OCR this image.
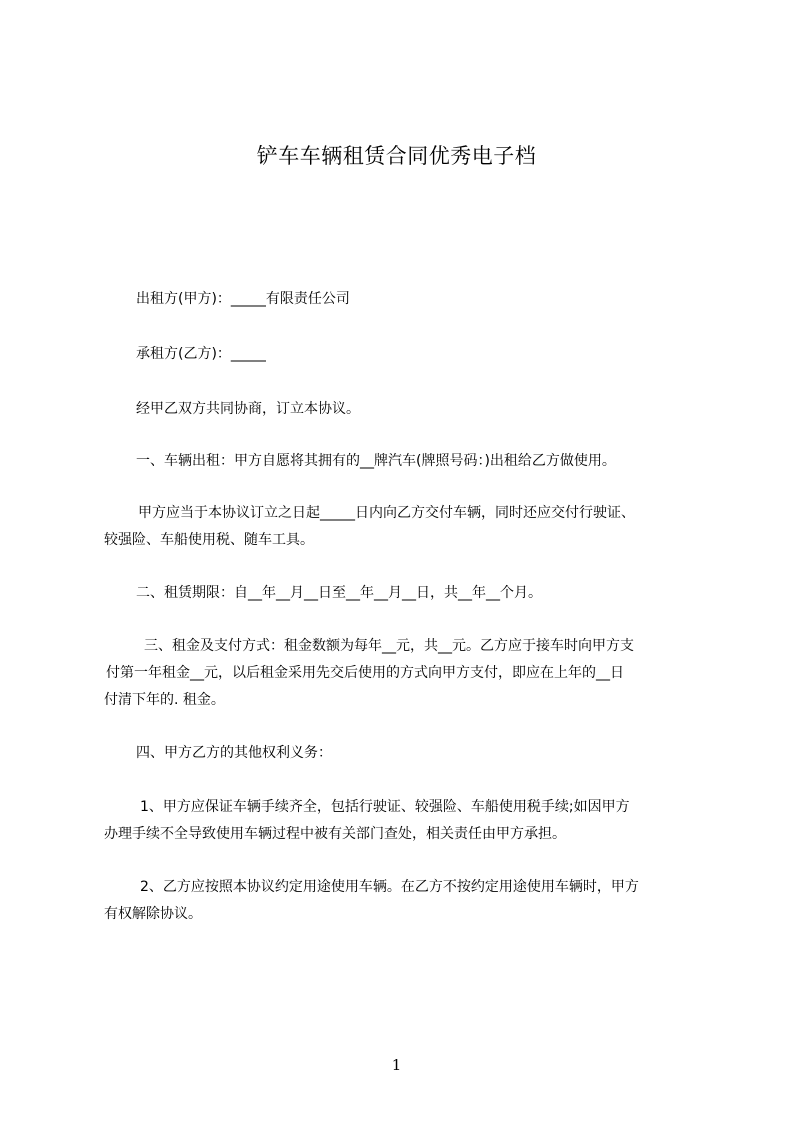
铲车车辆租赁合同优秀电子档
出租方(甲方)：_____有限责任公司
承租方(乙方)：_____
经甲乙双方共同协商，订立本协议。
一、车辆出租：甲方自愿将其拥有的__牌汽车(牌照号码：)出租给乙方做使用。
甲方应当于本协议订立之日起_____日内向乙方交付车辆，同时还应交付行驶证、
较强险、车船使用税、随车工具。
二、租赁期限：自__年__月__日至__年__月__日，共__年__个月。
三、租金及支付方式：租金数额为每年__元，共__元。乙方应于接车时向甲方支
付第一年租金__元，以后租金采用先交后使用的方式向甲方支付，即应在上年的__日
付清下年的. 租金。
四、甲方乙方的其他权利义务：
1、甲方应保证车辆手续齐全，包括行驶证、较强险、车船使用税手续;如因甲方
办理手续不全导致使用车辆过程中被有关部门查处，相关责任由甲方承担。
2、乙方应按照本协议约定用途使用车辆。在乙方不按约定用途使用车辆时，甲方
有权解除协议。
1
